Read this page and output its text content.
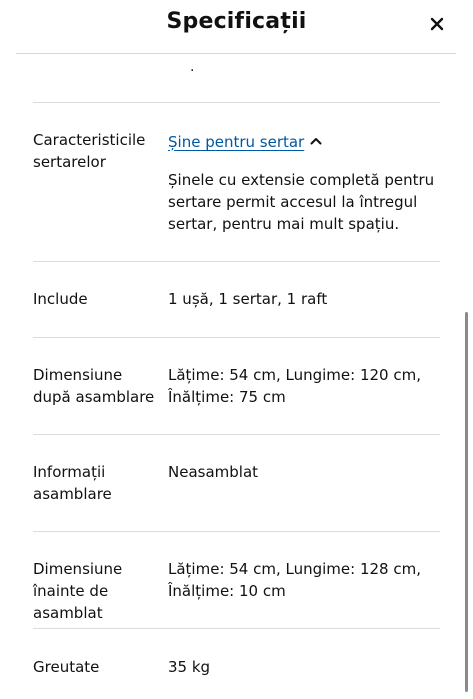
Specificații
.
Caracteristicile sertarelor
Șine pentru sertar
Șinele cu extensie completă pentru sertare permit accesul la întregul sertar, pentru mai mult spațiu.
Include	1 ușă, 1 sertar, 1 raft
Dimensiune după asamblare
Lățime: 54 cm, Lungime: 120 cm, Înălțime: 75 cm
Informații asamblare
Neasamblat
Dimensiune înainte de asamblat
Lățime: 54 cm, Lungime: 128 cm, Înălțime: 10 cm
Greutate	35 kg
